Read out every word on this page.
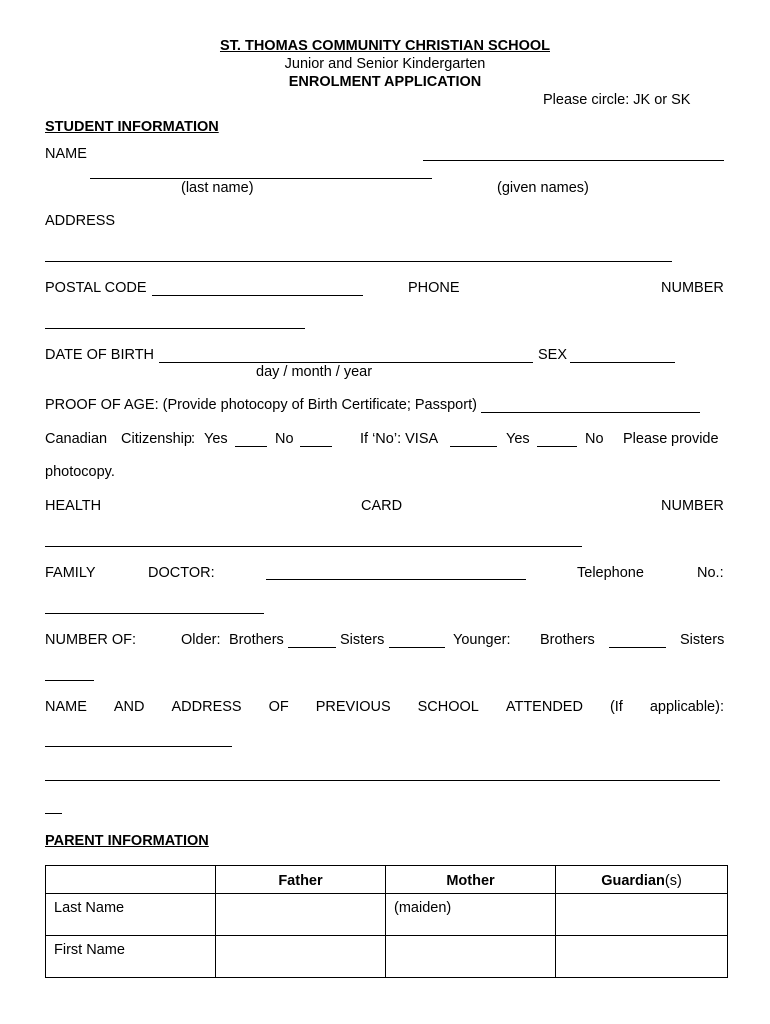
ST. THOMAS COMMUNITY CHRISTIAN SCHOOL
Junior and Senior Kindergarten
ENROLMENT APPLICATION
Please circle: JK or SK
STUDENT INFORMATION
NAME
(last name)	(given names)
ADDRESS
POSTAL CODE	PHONE	NUMBER
DATE OF BIRTH	SEX
day / month / year
PROOF OF AGE: (Provide photocopy of Birth Certificate; Passport)
Canadian Citizenship : Yes	No	If ‘No’: VISA	Yes	No Please provide
photocopy.
HEALTH	CARD	NUMBER
FAMILY	DOCTOR:	Telephone	No.:
NUMBER OF:	Older: Brothers	Sisters	Younger: Brothers	Sisters
NAME AND ADDRESS OF PREVIOUS SCHOOL ATTENDED (If applicable):
PARENT INFORMATION
	Father	Mother	Guardian(s)
Last Name		(maiden)	
First Name			
